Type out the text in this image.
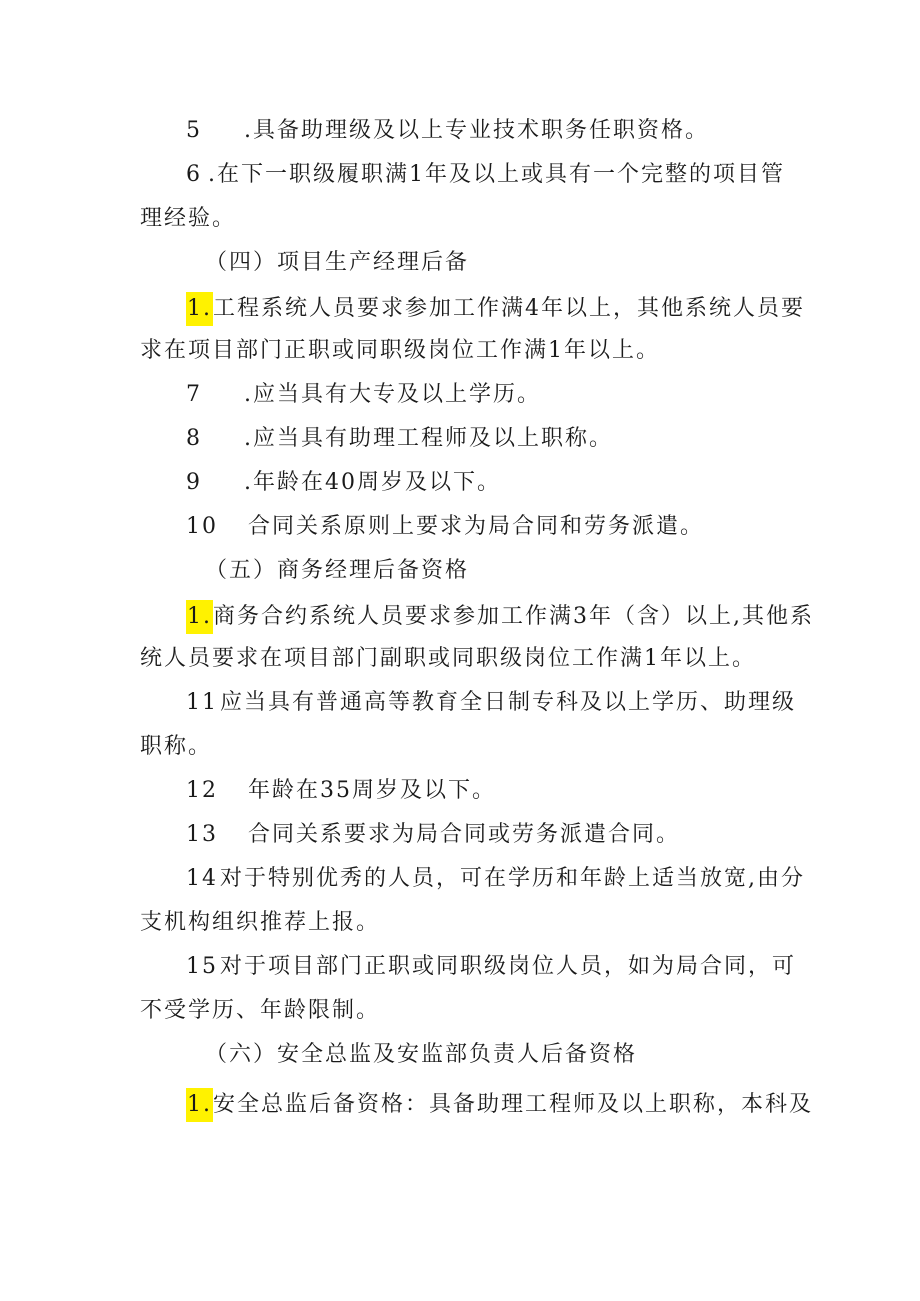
5 .具备助理级及以上专业技术职务任职资格。
6 .在下一职级履职满1年及以上或具有一个完整的项目管
理经验。
（四）项目生产经理后备
1.工程系统人员要求参加工作满4年以上，其他系统人员要
求在项目部门正职或同职级岗位工作满1年以上。
7 .应当具有大专及以上学历。
8 .应当具有助理工程师及以上职称。
9 .年龄在40周岁及以下。
10 合同关系原则上要求为局合同和劳务派遣。
（五）商务经理后备资格
1.商务合约系统人员要求参加工作满3年（含）以上,其他系
统人员要求在项目部门副职或同职级岗位工作满1年以上。
11应当具有普通高等教育全日制专科及以上学历、助理级
职称。
12 年龄在35周岁及以下。
13 合同关系要求为局合同或劳务派遣合同。
14对于特别优秀的人员，可在学历和年龄上适当放宽,由分
支机构组织推荐上报。
15对于项目部门正职或同职级岗位人员，如为局合同，可
不受学历、年龄限制。
（六）安全总监及安监部负责人后备资格
1.安全总监后备资格：具备助理工程师及以上职称，本科及
